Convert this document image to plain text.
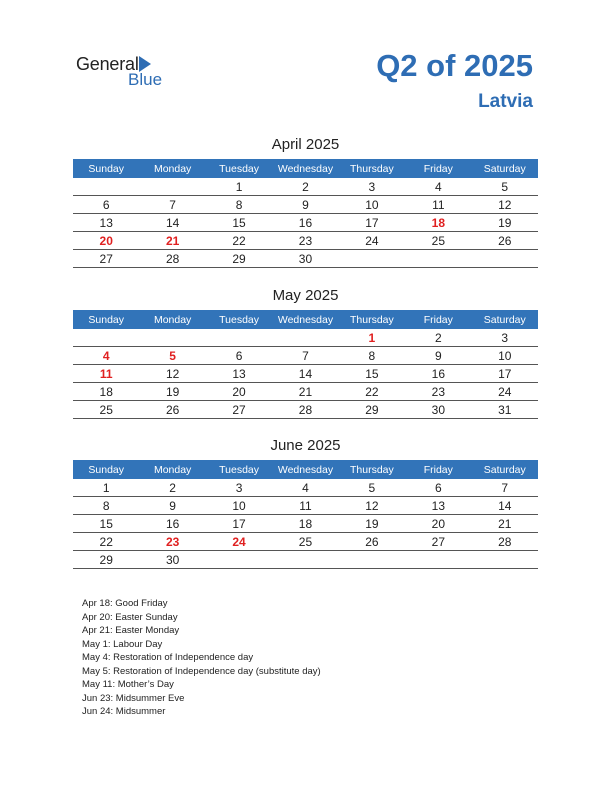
General
Blue	Q2 of 2025
Latvia
April 2025
Sunday	Monday	Tuesday	Wednesday	Thursday	Friday	Saturday
		1	2	3	4	5
6	7	8	9	10	11	12
13	14	15	16	17	18	19
20	21	22	23	24	25	26
27	28	29	30			
May 2025
Sunday	Monday	Tuesday	Wednesday	Thursday	Friday	Saturday
				1	2	3
4	5	6	7	8	9	10
11	12	13	14	15	16	17
18	19	20	21	22	23	24
25	26	27	28	29	30	31
June 2025
Sunday	Monday	Tuesday	Wednesday	Thursday	Friday	Saturday
1	2	3	4	5	6	7
8	9	10	11	12	13	14
15	16	17	18	19	20	21
22	23	24	25	26	27	28
29	30					
Apr 18: Good Friday
Apr 20: Easter Sunday
Apr 21: Easter Monday
May 1: Labour Day
May 4: Restoration of Independence day
May 5: Restoration of Independence day (substitute day)
May 11: Mother’s Day
Jun 23: Midsummer Eve
Jun 24: Midsummer
